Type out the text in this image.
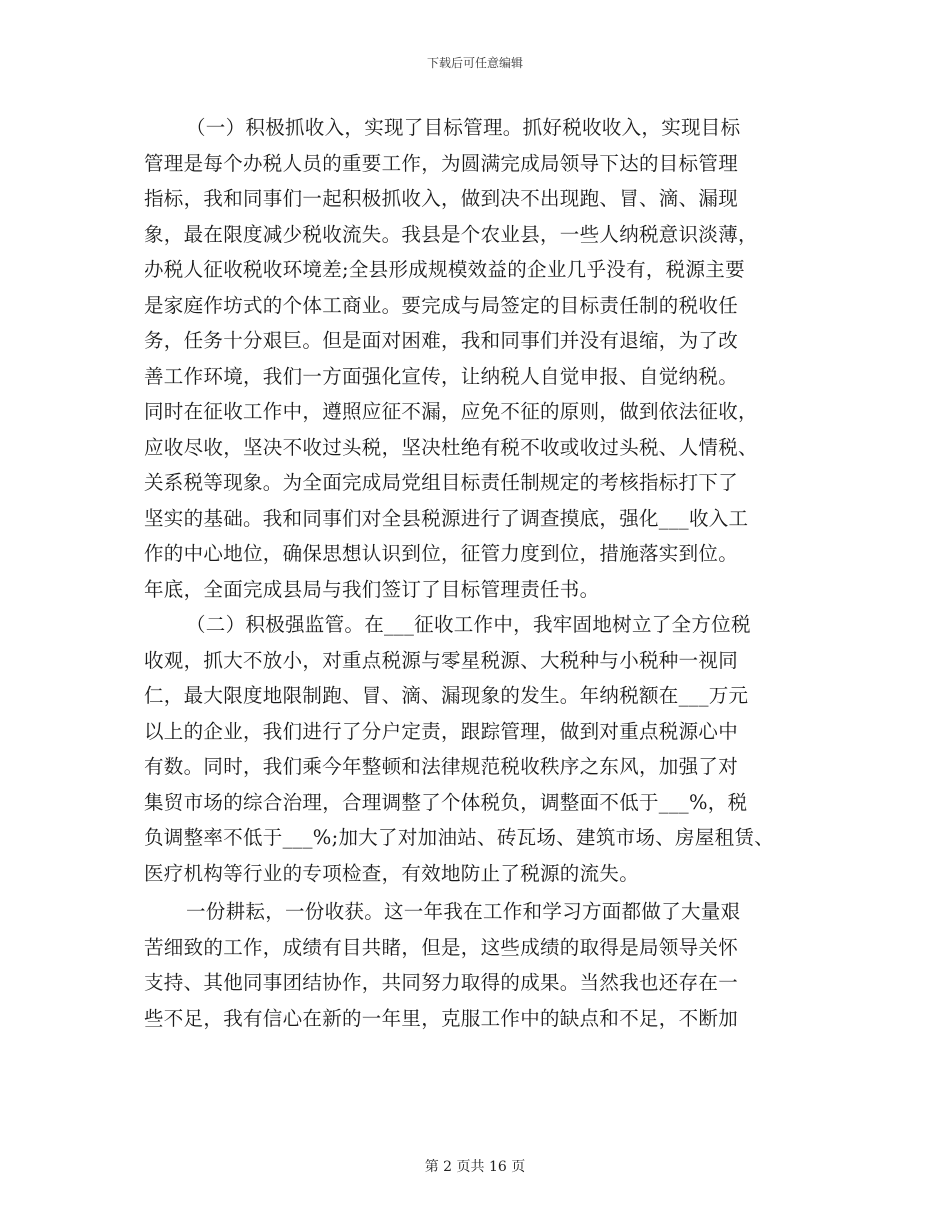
下载后可任意编辑
（一）积极抓收入，实现了目标管理。抓好税收收入，实现目标
管理是每个办税人员的重要工作，为圆满完成局领导下达的目标管理
指标，我和同事们一起积极抓收入，做到决不出现跑、冒、滴、漏现
象，最在限度减少税收流失。我县是个农业县，一些人纳税意识淡薄，
办税人征收税收环境差;全县形成规模效益的企业几乎没有，税源主要
是家庭作坊式的个体工商业。要完成与局签定的目标责任制的税收任
务，任务十分艰巨。但是面对困难，我和同事们并没有退缩，为了改
善工作环境，我们一方面强化宣传，让纳税人自觉申报、自觉纳税。
同时在征收工作中，遵照应征不漏，应免不征的原则，做到依法征收，
应收尽收，坚决不收过头税，坚决杜绝有税不收或收过头税、人情税、
关系税等现象。为全面完成局党组目标责任制规定的考核指标打下了
坚实的基础。我和同事们对全县税源进行了调查摸底，强化___收入工
作的中心地位，确保思想认识到位，征管力度到位，措施落实到位。
年底，全面完成县局与我们签订了目标管理责任书。
（二）积极强监管。在___征收工作中，我牢固地树立了全方位税
收观，抓大不放小，对重点税源与零星税源、大税种与小税种一视同
仁，最大限度地限制跑、冒、滴、漏现象的发生。年纳税额在___万元
以上的企业，我们进行了分户定责，跟踪管理，做到对重点税源心中
有数。同时，我们乘今年整顿和法律规范税收秩序之东风，加强了对
集贸市场的综合治理，合理调整了个体税负，调整面不低于___%，税
负调整率不低于___%;加大了对加油站、砖瓦场、建筑市场、房屋租赁、
医疗机构等行业的专项检查，有效地防止了税源的流失。
一份耕耘，一份收获。这一年我在工作和学习方面都做了大量艰
苦细致的工作，成绩有目共睹，但是，这些成绩的取得是局领导关怀
支持、其他同事团结协作，共同努力取得的成果。当然我也还存在一
些不足，我有信心在新的一年里，克服工作中的缺点和不足，不断加
第 2 页共 16 页
